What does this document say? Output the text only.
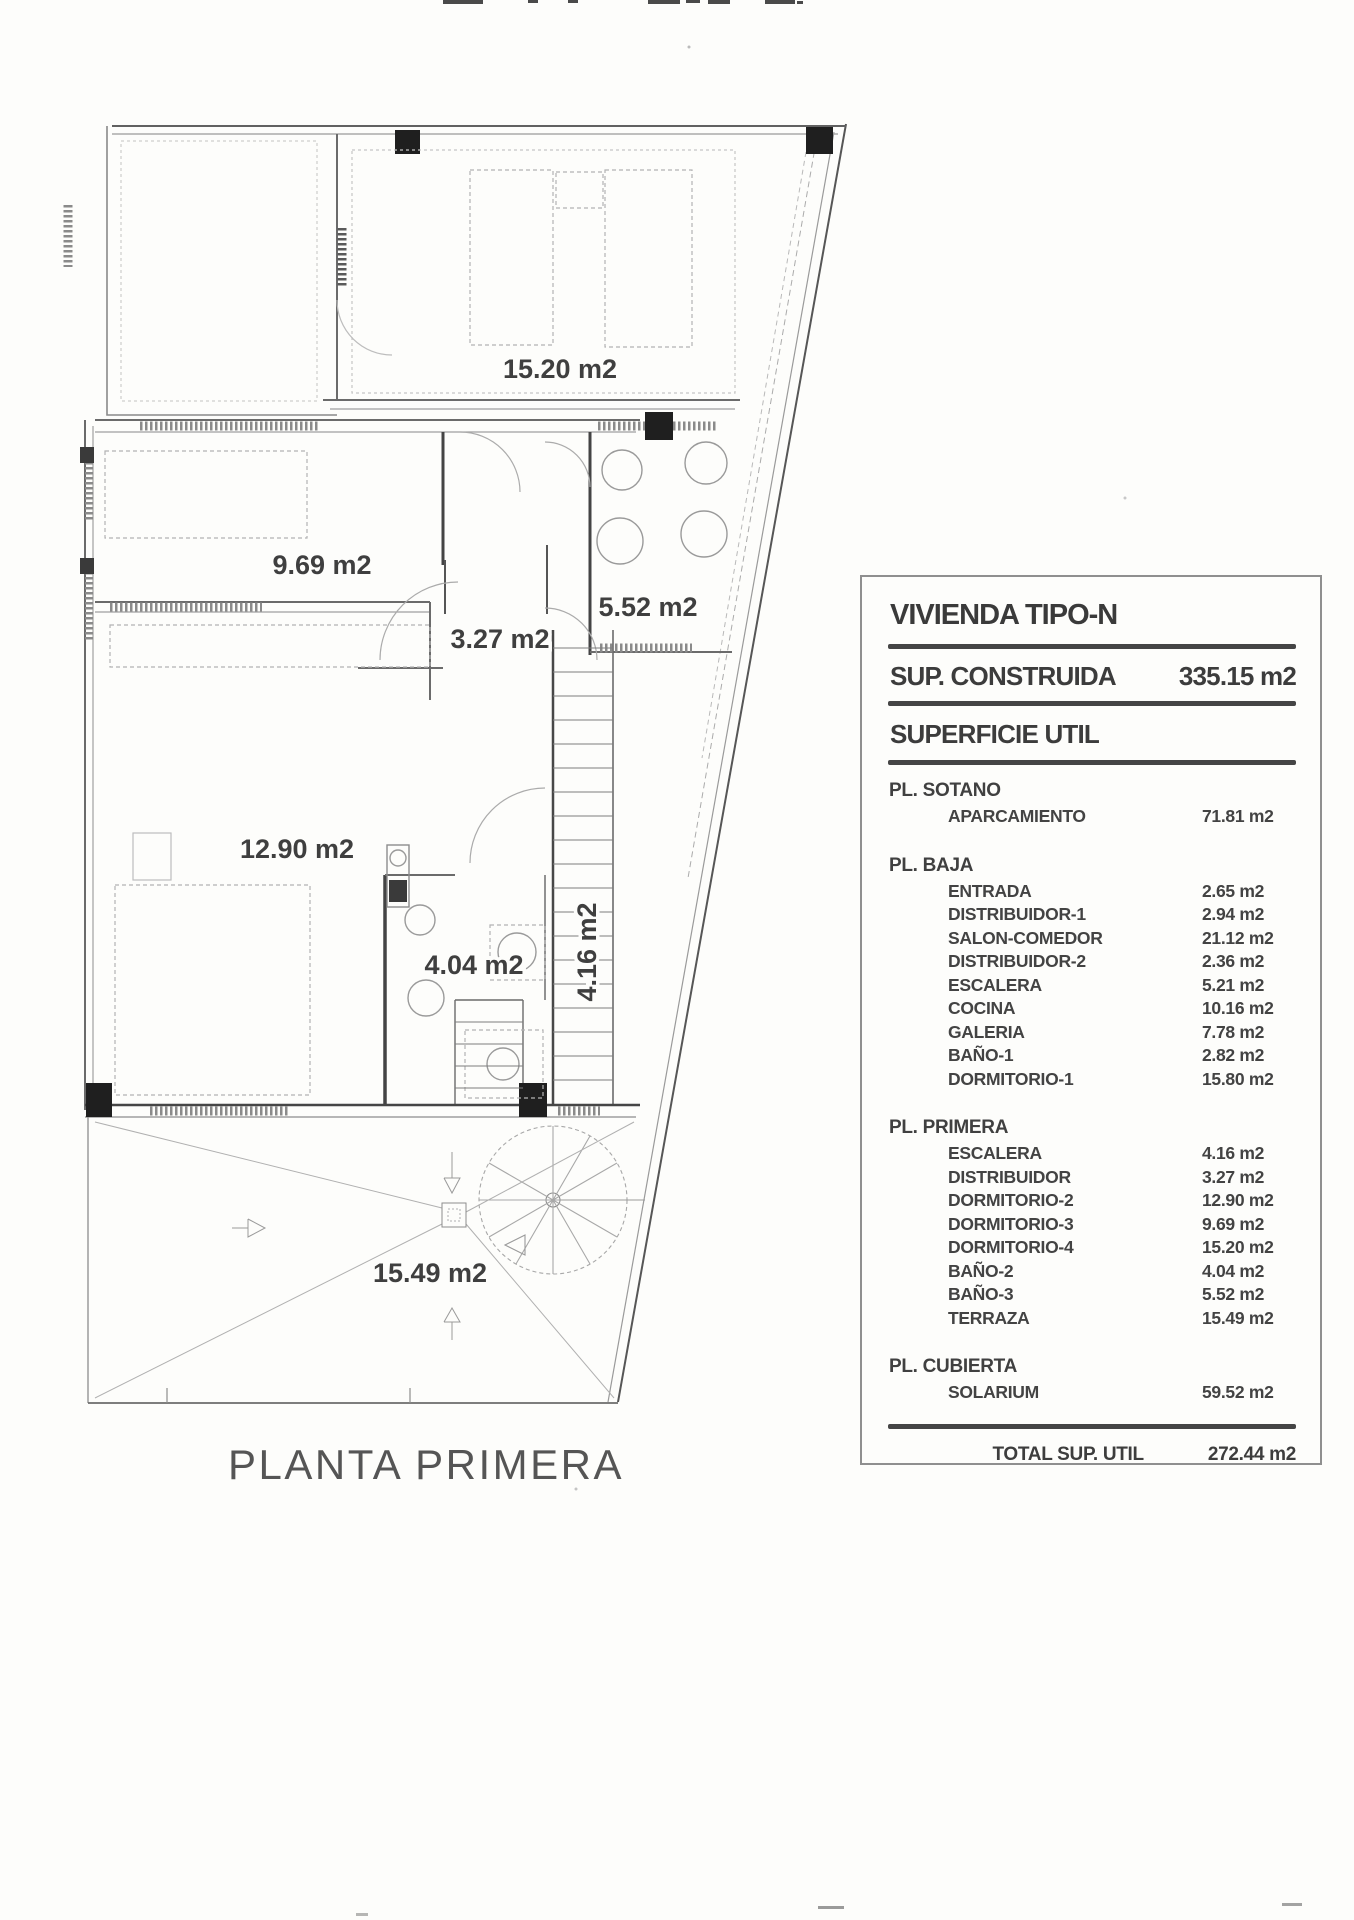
15.20 m2
9.69 m2
5.52 m2
3.27 m2
12.90 m2
4.04 m2 4.16 m2
15.49 m2
VIVIENDA TIPO-N
SUP. CONSTRUIDA 335.15 m2
SUPERFICIE UTIL
PL. SOTANO
APARCAMIENTO	71.81 m2
PL. BAJA
ENTRADA	2.65 m2
DISTRIBUIDOR-1	2.94 m2
SALON-COMEDOR	21.12 m2
DISTRIBUIDOR-2	2.36 m2
ESCALERA	5.21 m2
COCINA	10.16 m2
GALERIA	7.78 m2
BAÑO-1	2.82 m2
DORMITORIO-1	15.80 m2
PL. PRIMERA
ESCALERA	4.16 m2
DISTRIBUIDOR	3.27 m2
DORMITORIO-2	12.90 m2
DORMITORIO-3	9.69 m2
DORMITORIO-4	15.20 m2
BAÑO-2	4.04 m2
BAÑO-3	5.52 m2
TERRAZA	15.49 m2
PL. CUBIERTA
SOLARIUM	59.52 m2
TOTAL SUP. UTIL	272.44 m2
PLANTA PRIMERA
